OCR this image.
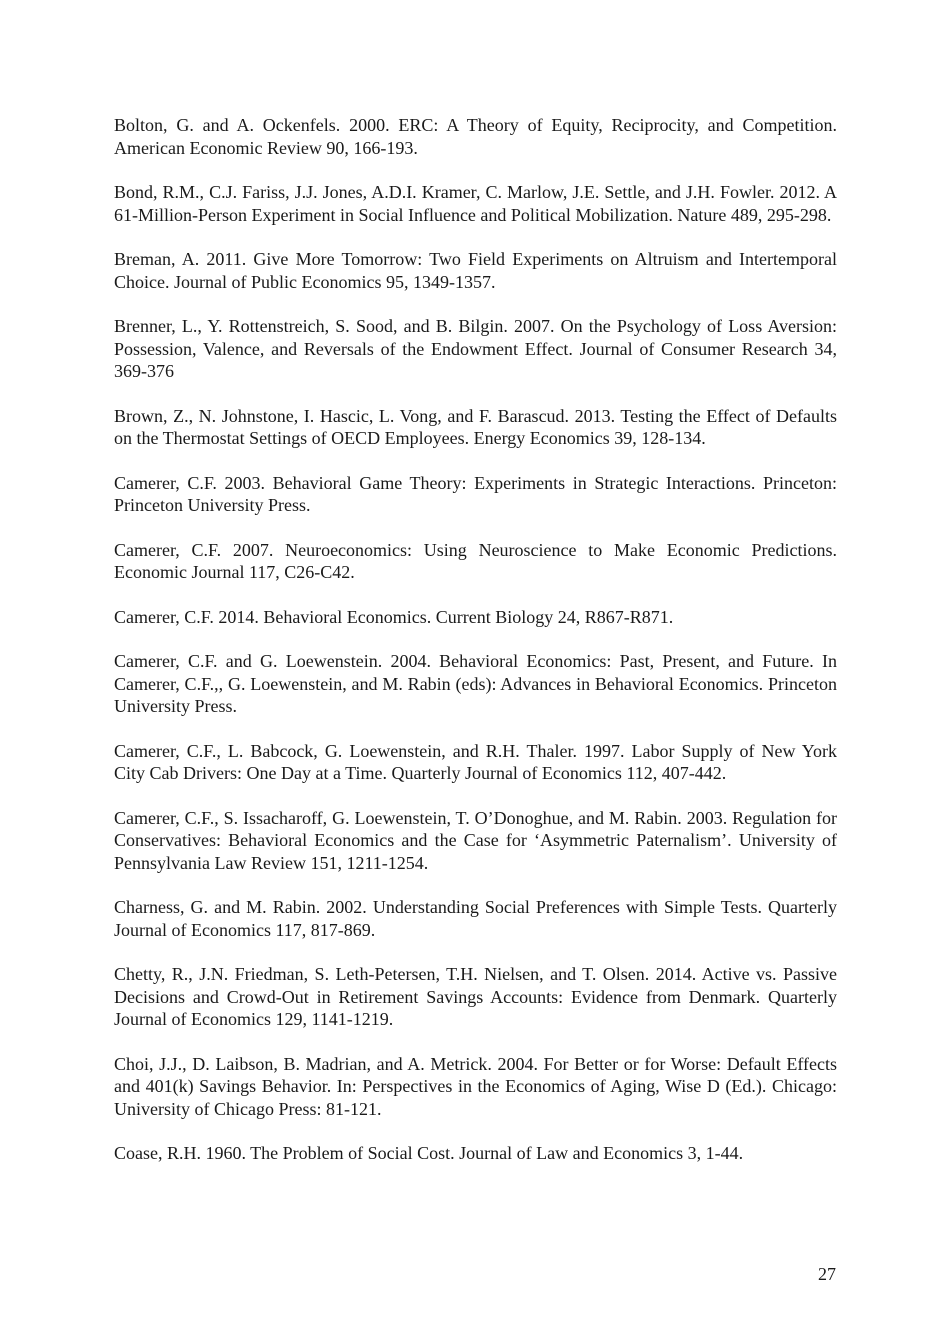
Bolton, G. and A. Ockenfels. 2000. ERC: A Theory of Equity, Reciprocity, and Competition. American Economic Review 90, 166-193.

Bond, R.M., C.J. Fariss, J.J. Jones, A.D.I. Kramer, C. Marlow, J.E. Settle, and J.H. Fowler. 2012. A 61-Million-Person Experiment in Social Influence and Political Mobilization. Nature 489, 295-298.

Breman, A. 2011. Give More Tomorrow: Two Field Experiments on Altruism and Intertemporal Choice. Journal of Public Economics 95, 1349-1357.

Brenner, L., Y. Rottenstreich, S. Sood, and B. Bilgin. 2007. On the Psychology of Loss Aversion: Possession, Valence, and Reversals of the Endowment Effect. Journal of Consumer Research 34, 369-376

Brown, Z., N. Johnstone, I. Hascic, L. Vong, and F. Barascud. 2013. Testing the Effect of Defaults on the Thermostat Settings of OECD Employees. Energy Economics 39, 128-134.

Camerer, C.F. 2003. Behavioral Game Theory: Experiments in Strategic Interactions. Princeton: Princeton University Press.

Camerer, C.F. 2007. Neuroeconomics: Using Neuroscience to Make Economic Predictions. Economic Journal 117, C26-C42.

Camerer, C.F. 2014. Behavioral Economics. Current Biology 24, R867-R871.

Camerer, C.F. and G. Loewenstein. 2004. Behavioral Economics: Past, Present, and Future. In Camerer, C.F.,, G. Loewenstein, and M. Rabin (eds): Advances in Behavioral Economics. Princeton University Press.

Camerer, C.F., L. Babcock, G. Loewenstein, and R.H. Thaler. 1997. Labor Supply of New York City Cab Drivers: One Day at a Time. Quarterly Journal of Economics 112, 407-442.

Camerer, C.F., S. Issacharoff, G. Loewenstein, T. O’Donoghue, and M. Rabin. 2003. Regulation for Conservatives: Behavioral Economics and the Case for ‘Asymmetric Paternalism’. University of Pennsylvania Law Review 151, 1211-1254.

Charness, G. and M. Rabin. 2002. Understanding Social Preferences with Simple Tests. Quarterly Journal of Economics 117, 817-869.

Chetty, R., J.N. Friedman, S. Leth-Petersen, T.H. Nielsen, and T. Olsen. 2014. Active vs. Passive Decisions and Crowd-Out in Retirement Savings Accounts: Evidence from Denmark. Quarterly Journal of Economics 129, 1141-1219.

Choi, J.J., D. Laibson, B. Madrian, and A. Metrick. 2004. For Better or for Worse: Default Effects and 401(k) Savings Behavior. In: Perspectives in the Economics of Aging, Wise D (Ed.). Chicago: University of Chicago Press: 81-121.

Coase, R.H. 1960. The Problem of Social Cost. Journal of Law and Economics 3, 1-44.

27
